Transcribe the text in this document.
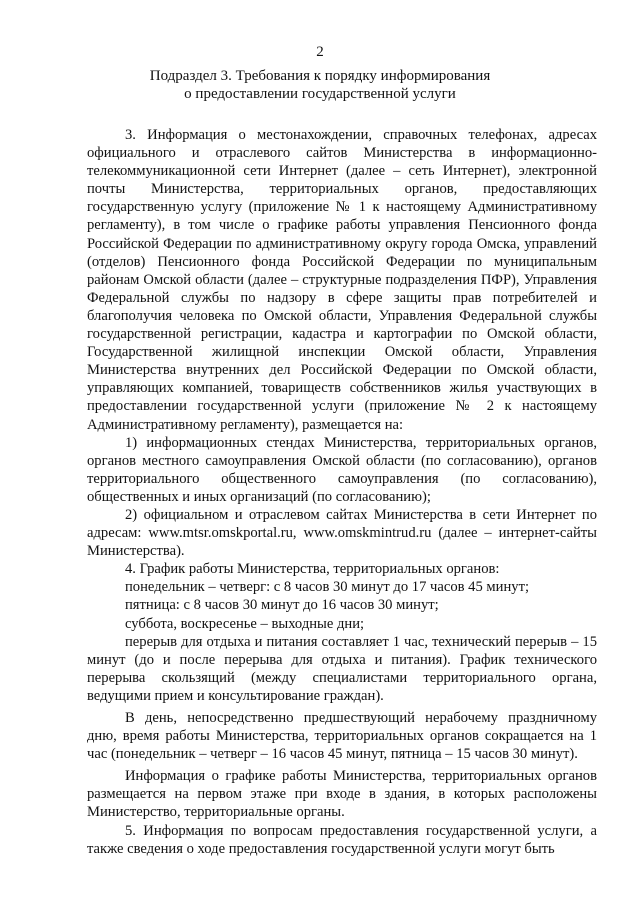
2
Подраздел 3. Требования к порядку информирования
о предоставлении государственной услуги

3. Информация о местонахождении, справочных телефонах, адресах официального и отраслевого сайтов Министерства в информационно-телекоммуникационной сети Интернет (далее – сеть Интернет), электронной почты Министерства, территориальных органов, предоставляющих государственную услугу (приложение № 1 к настоящему Административному регламенту), в том числе о графике работы управления Пенсионного фонда Российской Федерации по административному округу города Омска, управлений (отделов) Пенсионного фонда Российской Федерации по муниципальным районам Омской области (далее – структурные подразделения ПФР), Управления Федеральной службы по надзору в сфере защиты прав потребителей и благополучия человека по Омской области, Управления Федеральной службы государственной регистрации, кадастра и картографии по Омской области, Государственной жилищной инспекции Омской области, Управления Министерства внутренних дел Российской Федерации по Омской области, управляющих компанией, товариществ собственников жилья участвующих в предоставлении государственной услуги (приложение № 2 к настоящему Административному регламенту), размещается на:

1) информационных стендах Министерства, территориальных органов, органов местного самоуправления Омской области (по согласованию), органов территориального общественного самоуправления (по согласованию), общественных и иных организаций (по согласованию);

2) официальном и отраслевом сайтах Министерства в сети Интернет по адресам: www.mtsr.omskportal.ru, www.omskmintrud.ru (далее – интернет-сайты Министерства).

4. График работы Министерства, территориальных органов:

понедельник – четверг: с 8 часов 30 минут до 17 часов 45 минут;

пятница: с 8 часов 30 минут до 16 часов 30 минут;

суббота, воскресенье – выходные дни;

перерыв для отдыха и питания составляет 1 час, технический перерыв – 15 минут (до и после перерыва для отдыха и питания). График технического перерыва скользящий (между специалистами территориального органа, ведущими прием и консультирование граждан).

В день, непосредственно предшествующий нерабочему праздничному дню, время работы Министерства, территориальных органов сокращается на 1 час (понедельник – четверг – 16 часов 45 минут, пятница – 15 часов 30 минут).

Информация о графике работы Министерства, территориальных органов размещается на первом этаже при входе в здания, в которых расположены Министерство, территориальные органы.

5. Информация по вопросам предоставления государственной услуги, а также сведения о ходе предоставления государственной услуги могут быть
